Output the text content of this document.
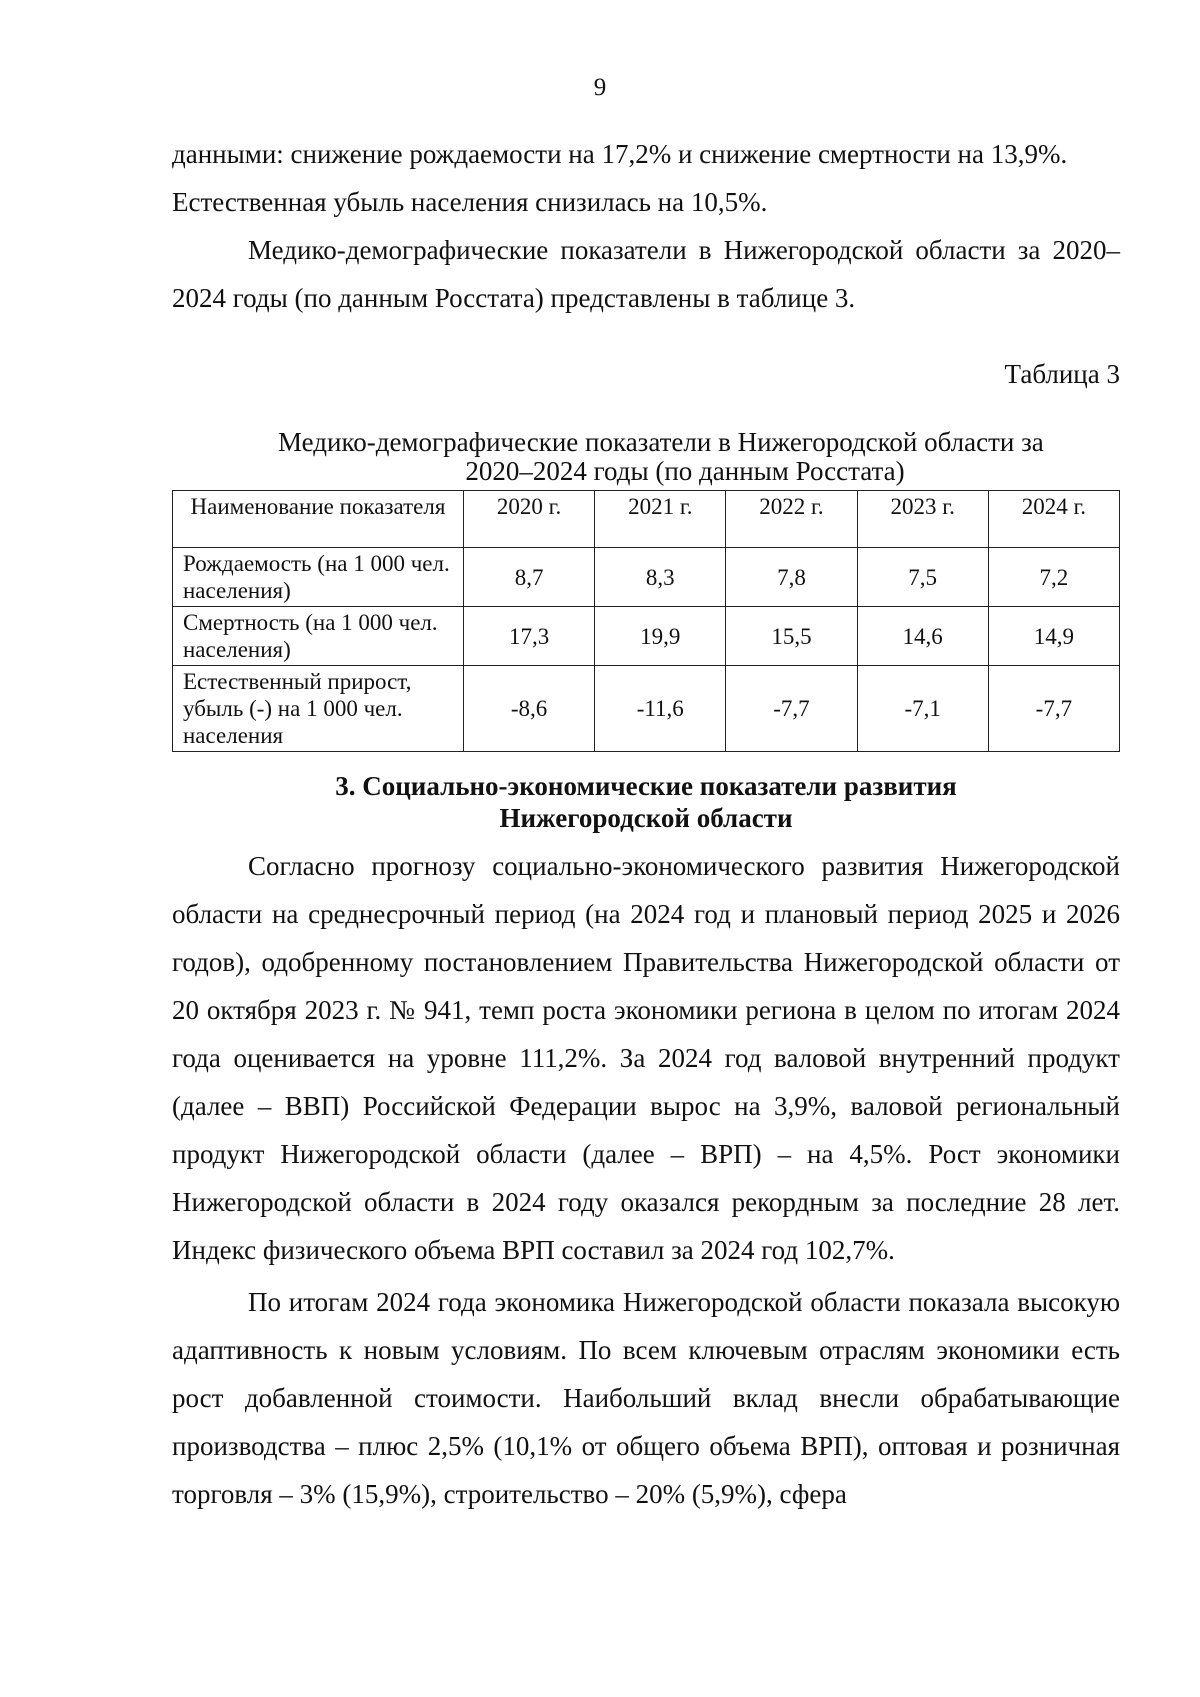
9

данными: снижение рождаемости на 17,2% и снижение смертности на 13,9%.

Естественная убыль населения снизилась на 10,5%.

Медико-демографические показатели в Нижегородской области за 2020–2024 годы (по данным Росстата) представлены в таблице 3.

Таблица 3
Медико-демографические показатели в Нижегородской области за
2020–2024 годы (по данным Росстата)
Наименование показателя	2020 г.	2021 г.	2022 г.	2023 г.	2024 г.
Рождаемость (на 1 000 чел. населения)	8,7	8,3	7,8	7,5	7,2
Смертность (на 1 000 чел. населения)	17,3	19,9	15,5	14,6	14,9
Естественный прирост, убыль (-) на 1 000 чел. населения	-8,6	-11,6	-7,7	-7,1	-7,7
3. Социально-экономические показатели развития
Нижегородской области

Согласно прогнозу социально-экономического развития Нижегородской области на среднесрочный период (на 2024 год и плановый период 2025 и 2026 годов), одобренному постановлением Правительства Нижегородской области от 20 октября 2023 г. № 941, темп роста экономики региона в целом по итогам 2024 года оценивается на уровне 111,2%. За 2024 год валовой внутренний продукт (далее – ВВП) Российской Федерации вырос на 3,9%, валовой региональный продукт Нижегородской области (далее – ВРП) – на 4,5%. Рост экономики Нижегородской области в 2024 году оказался рекордным за последние 28 лет. Индекс физического объема ВРП составил за 2024 год 102,7%.

По итогам 2024 года экономика Нижегородской области показала высокую адаптивность к новым условиям. По всем ключевым отраслям экономики есть рост добавленной стоимости. Наибольший вклад внесли обрабатывающие производства – плюс 2,5% (10,1% от общего объема ВРП), оптовая и розничная торговля – 3% (15,9%), строительство – 20% (5,9%), сфера
